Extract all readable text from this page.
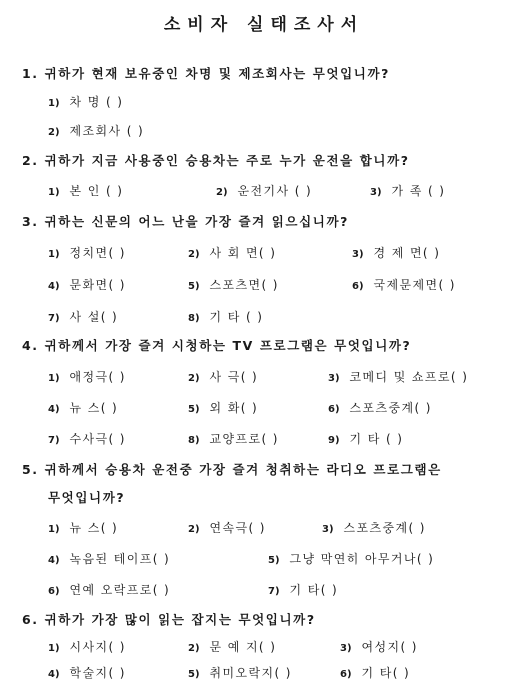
소비자 실태조사서
1. 귀하가 현재 보유중인 차명 및 제조회사는 무엇입니까?
1) 차 명 ( )
2) 제조회사 ( )
2. 귀하가 지금 사용중인 승용차는 주로 누가 운전을 합니까?
1) 본 인 ( )	2) 운전기사 ( )	3) 가 족 ( )
3. 귀하는 신문의 어느 난을 가장 즐겨 읽으십니까?
1) 정치면( )	2) 사 회 면( )	3) 경 제 면( )
4) 문화면( )	5) 스포츠면( )	6) 국제문제면( )
7) 사 설( )	8) 기 타 ( )
4. 귀하께서 가장 즐겨 시청하는 TV 프로그램은 무엇입니까?
1) 애정극( )	2) 사 극( )	3) 코메디 및 쇼프로( )
4) 뉴 스( )	5) 외 화( )	6) 스포츠중계( )
7) 수사극( )	8) 교양프로( )	9) 기 타 ( )
5. 귀하께서 승용차 운전중 가장 즐겨 청취하는 라디오 프로그램은
무엇입니까?
1) 뉴 스( )	2) 연속극( )	3) 스포츠중계( )
4) 녹음된 테이프( )	5) 그냥 막연히 아무거나( )
6) 연예 오락프로( )	7) 기 타( )
6. 귀하가 가장 많이 읽는 잡지는 무엇입니까?
1) 시사지( )	2) 문 예 지( )	3) 여성지( )
4) 학술지( )	5) 취미오락지( )	6) 기 타( )
